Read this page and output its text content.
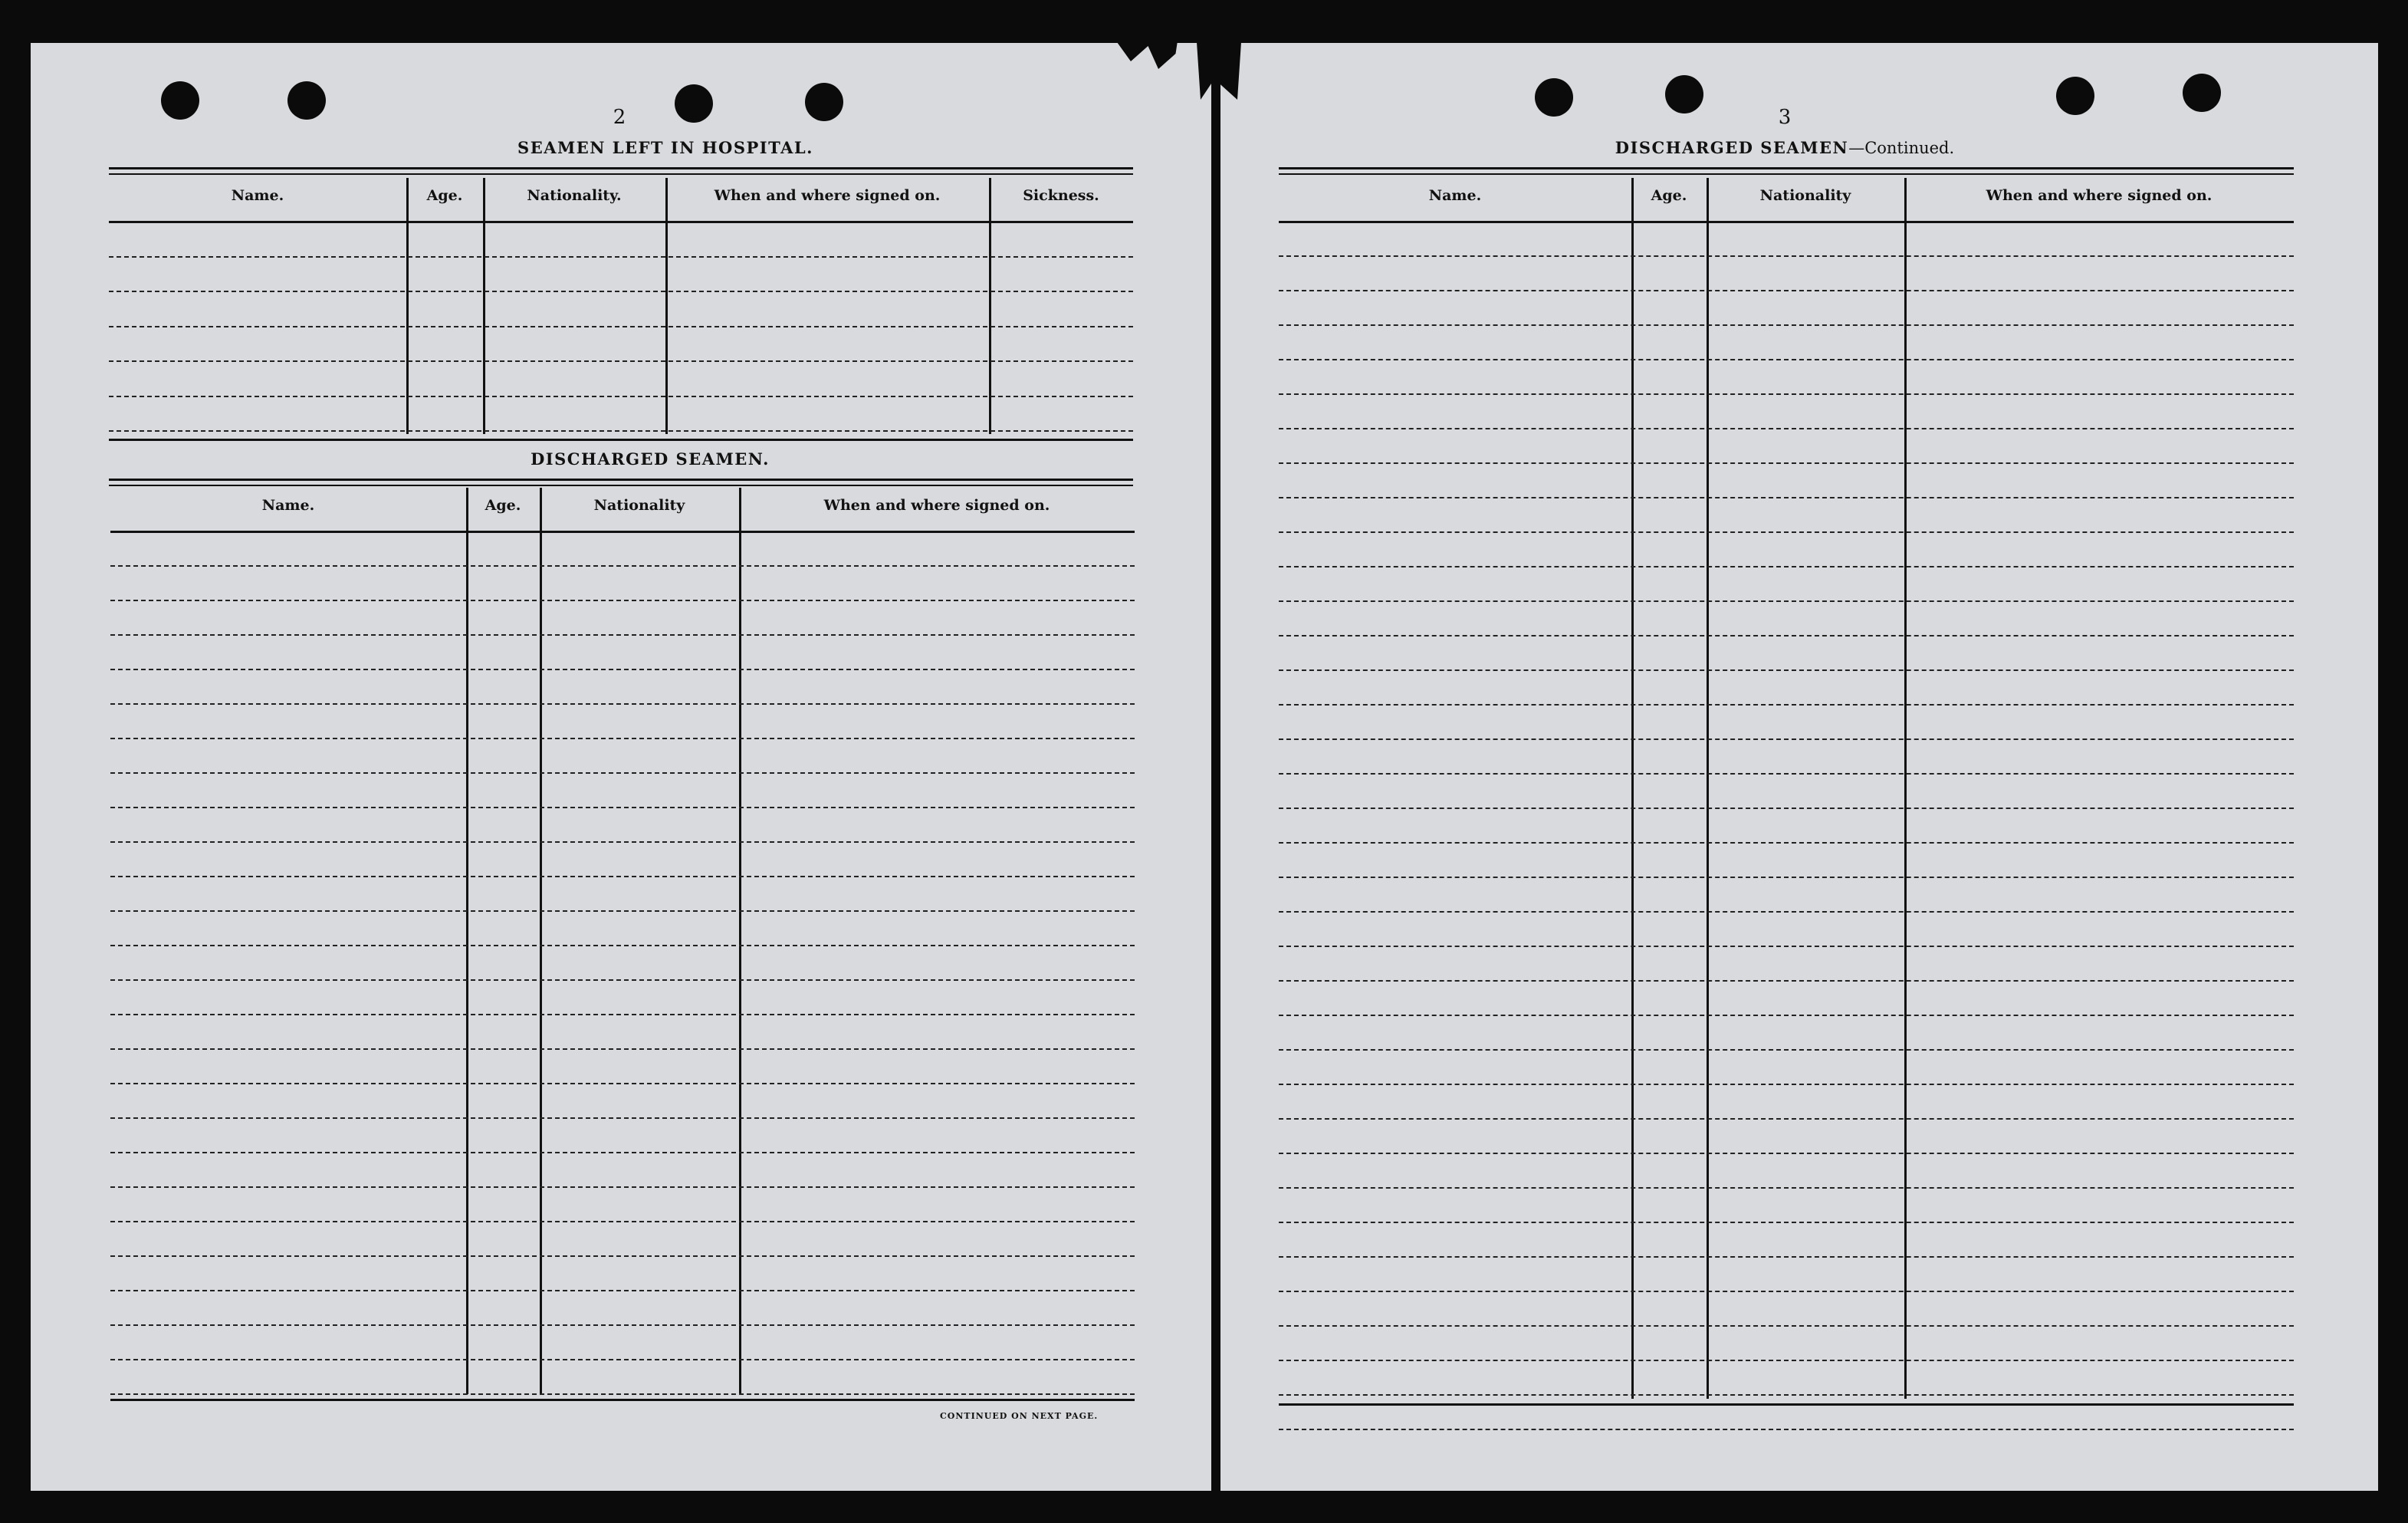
2
SEAMEN LEFT IN HOSPITAL.
Name.	Age.	Nationality.	When and where signed on.	Sickness.
Name.	Age.	Nationality	When and where signed on.
CONTINUED ON NEXT PAGE.
DISCHARGED SEAMEN.
3
DISCHARGED SEAMEN—Continued.
Name.	Age.	Nationality	When and where signed on.
